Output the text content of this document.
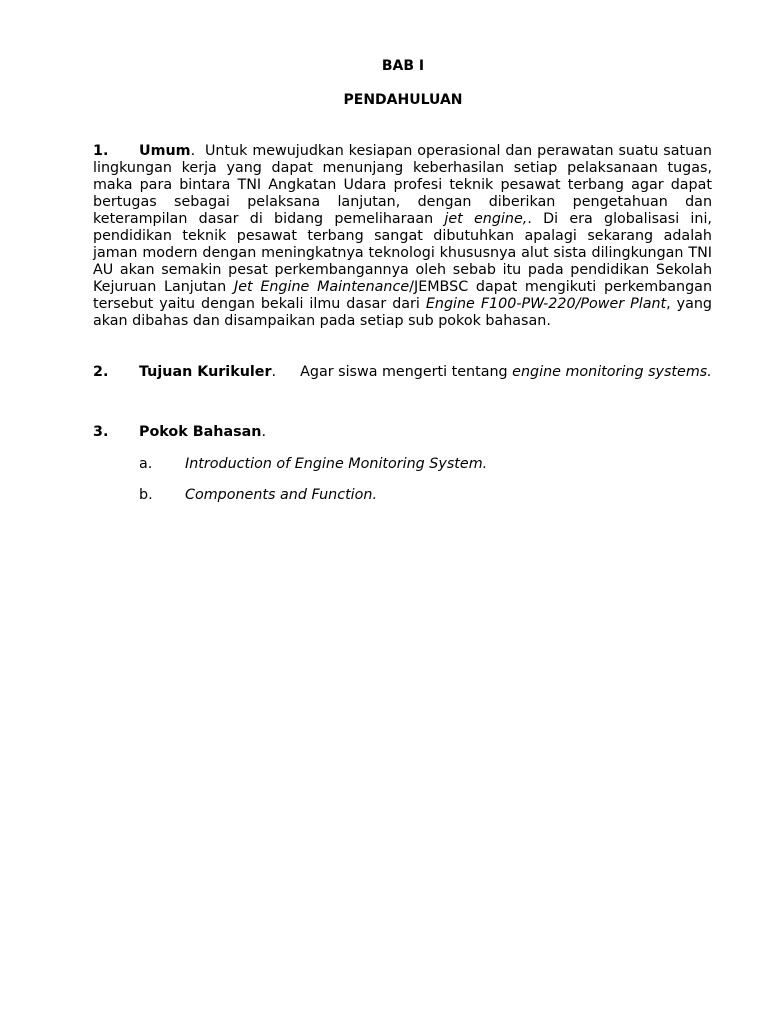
BAB I
PENDAHULUAN
1. Umum. Untuk mewujudkan kesiapan operasional dan perawatan suatu satuan lingkungan kerja yang dapat menunjang keberhasilan setiap pelaksanaan tugas, maka para bintara TNI Angkatan Udara profesi teknik pesawat terbang agar dapat bertugas sebagai pelaksana lanjutan, dengan diberikan pengetahuan dan keterampilan dasar di bidang pemeliharaan jet engine,. Di era globalisasi ini, pendidikan teknik pesawat terbang sangat dibutuhkan apalagi sekarang adalah jaman modern dengan meningkatnya teknologi khususnya alut sista dilingkungan TNI AU akan semakin pesat perkembangannya oleh sebab itu pada pendidikan Sekolah Kejuruan Lanjutan Jet Engine Maintenance/JEMBSC dapat mengikuti perkembangan tersebut yaitu dengan bekali ilmu dasar dari Engine F100-PW-220/Power Plant, yang akan dibahas dan disampaikan pada setiap sub pokok bahasan.
2. Tujuan Kurikuler. Agar siswa mengerti tentang engine monitoring systems.
3. Pokok Bahasan.
a. Introduction of Engine Monitoring System.
b. Components and Function.
